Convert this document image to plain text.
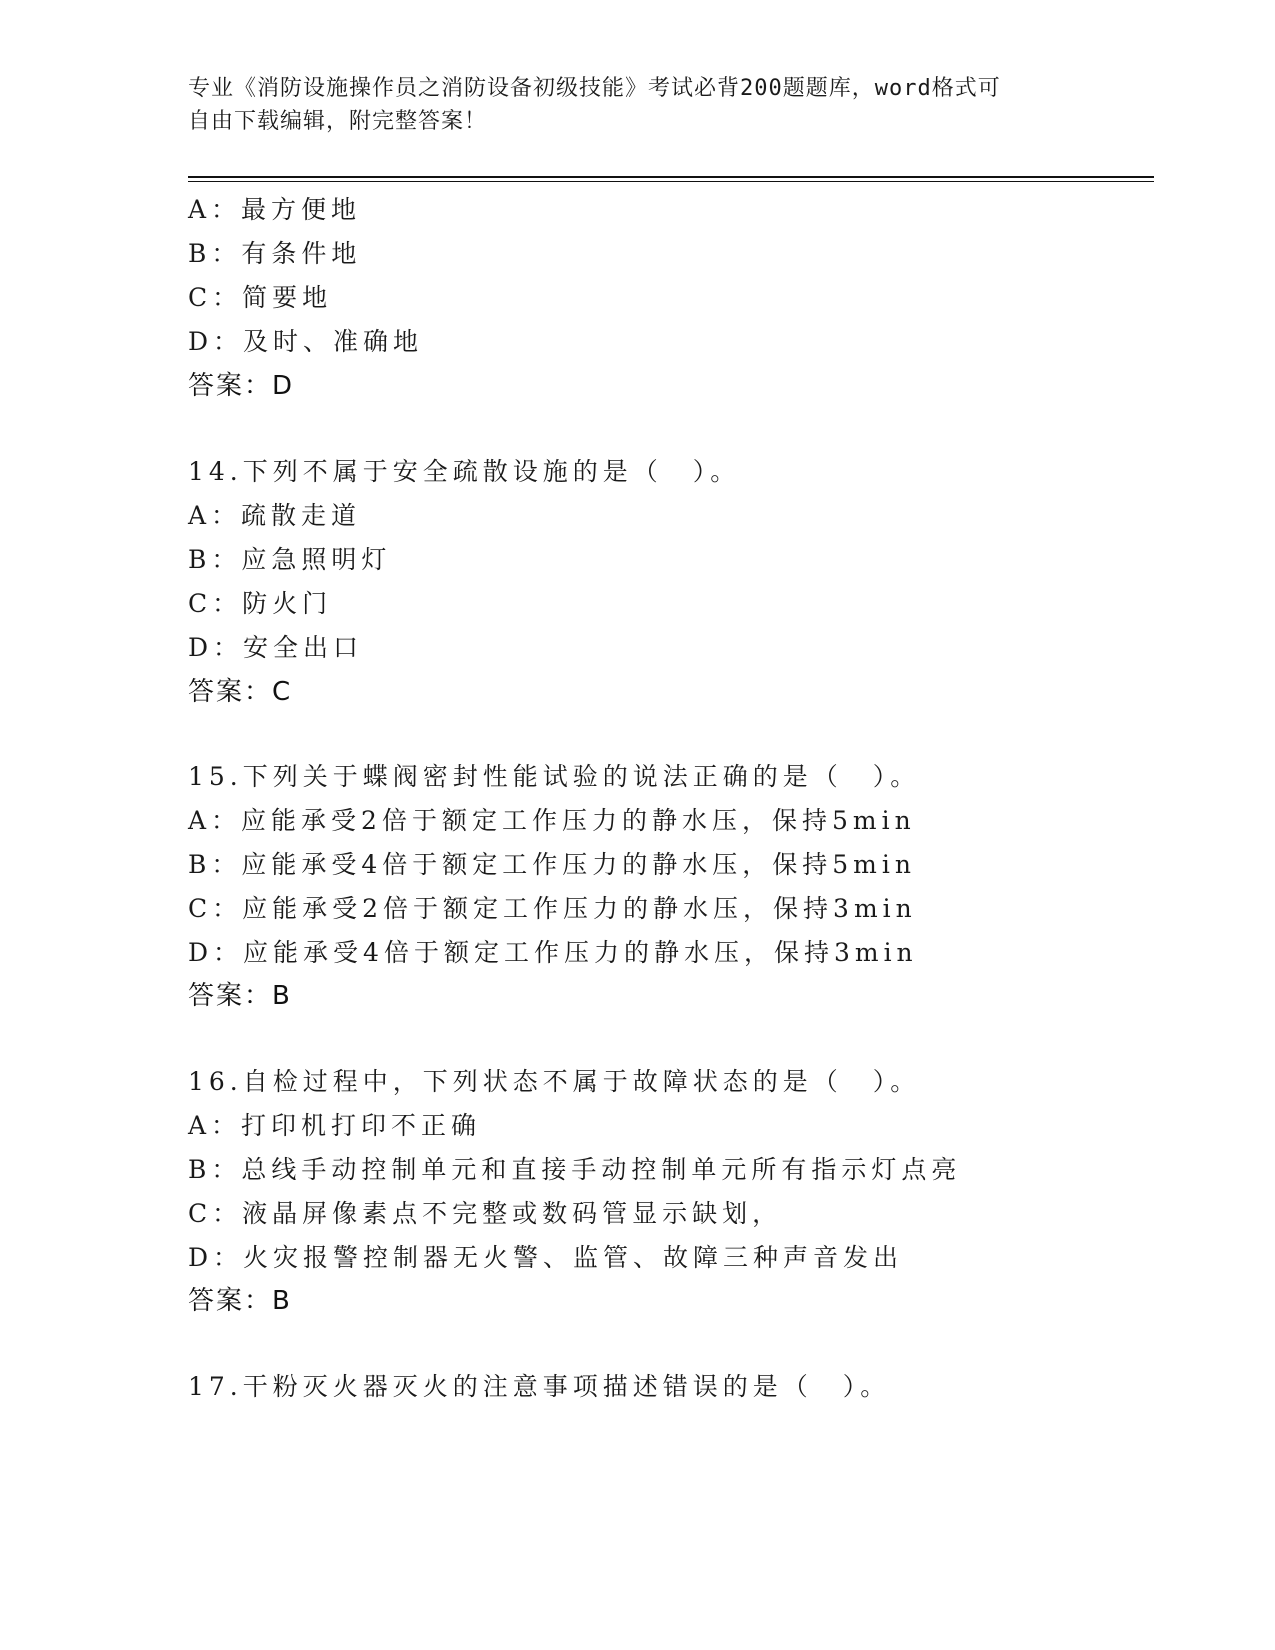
专业《消防设施操作员之消防设备初级技能》考试必背200题题库，word格式可
自由下载编辑，附完整答案！
A：最方便地
B：有条件地
C：简要地
D：及时、准确地
答案：D
14.下列不属于安全疏散设施的是（　）。
A：疏散走道
B：应急照明灯
C：防火门
D：安全出口
答案：C
15.下列关于蝶阀密封性能试验的说法正确的是（　）。
A：应能承受2倍于额定工作压力的静水压，保持5min
B：应能承受4倍于额定工作压力的静水压，保持5min
C：应能承受2倍于额定工作压力的静水压，保持3min
D：应能承受4倍于额定工作压力的静水压，保持3min
答案：B
16.自检过程中，下列状态不属于故障状态的是（　）。
A：打印机打印不正确
B：总线手动控制单元和直接手动控制单元所有指示灯点亮
C：液晶屏像素点不完整或数码管显示缺划，
D：火灾报警控制器无火警、监管、故障三种声音发出
答案：B
17.干粉灭火器灭火的注意事项描述错误的是（　）。
